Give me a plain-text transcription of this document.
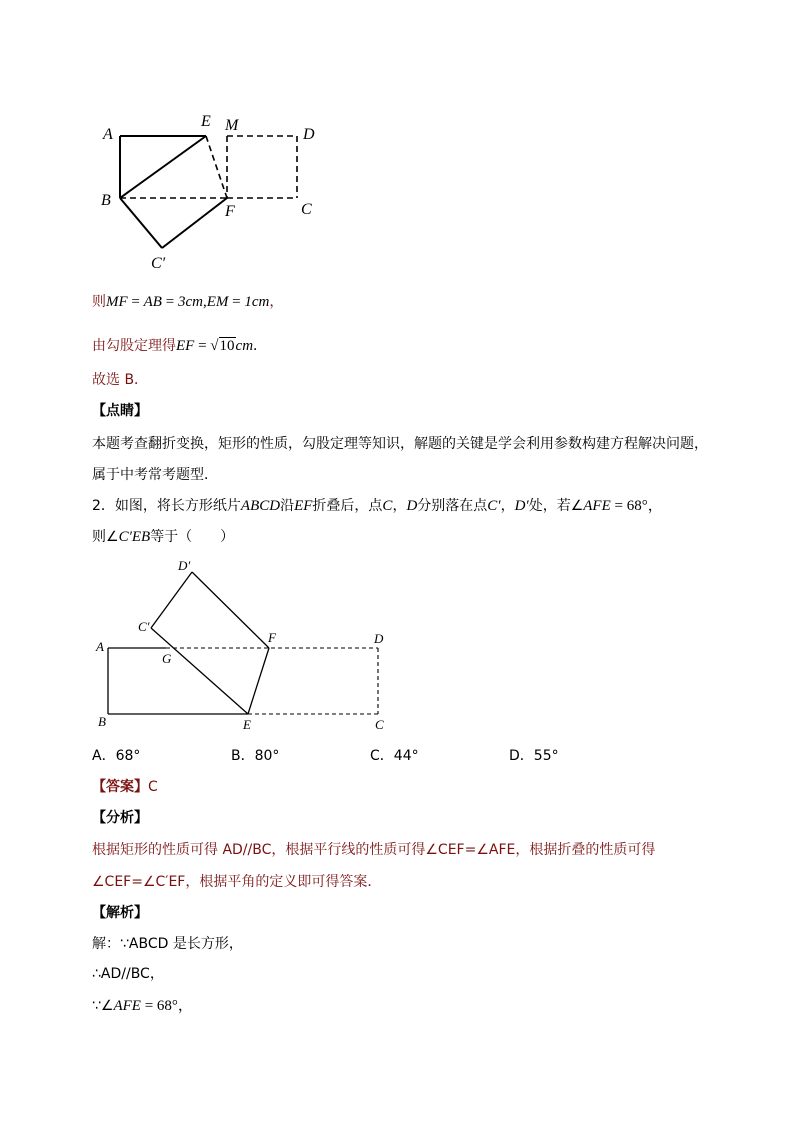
A
E M
D
B
F	C
C′
则MF = AB = 3cm,EM = 1cm，
由勾股定理得EF = √10cm．
故选 B．
【点睛】
本题考查翻折变换，矩形的性质，勾股定理等知识，解题的关键是学会利用参数构建方程解决问题，
属于中考常考题型．
2．如图，将长方形纸片ABCD沿EF折叠后，点C，D分别落在点C′，D′处，若∠AFE = 68°，
则∠C′EB等于（　　）
D′
C′
F	D
A
G
B	E	C
A．68°	B．80°	C．44°	D．55°
【答案】C
【分析】
根据矩形的性质可得 AD//BC，根据平行线的性质可得∠CEF=∠AFE，根据折叠的性质可得
∠CEF=∠C′EF，根据平角的定义即可得答案．
【解析】
解：∵ABCD 是长方形，
∴AD//BC，
∵∠AFE = 68°，
